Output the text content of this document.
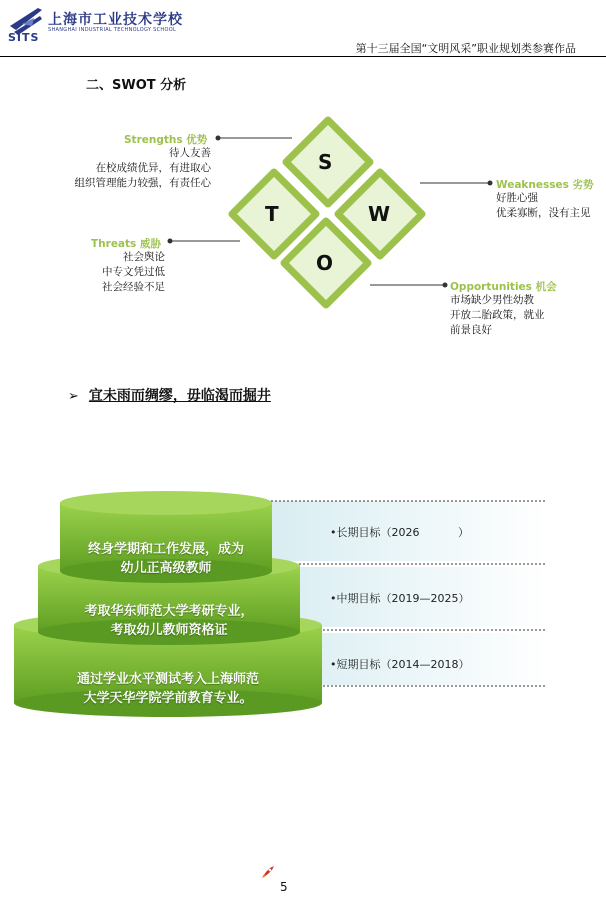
上海市工业技术学校
SHANGHAI INDUSTRIAL TECHNOLOGY SCHOOL
SITS
第十三届全国“文明风采”职业规划类参赛作品
二、SWOT 分析
S
T	W
O
Strengths 优势
待人友善
在校成绩优异，有进取心
组织管理能力较强，有责任心	Weaknesses 劣势
好胜心强
优柔寡断，没有主见
Threats 威胁
社会舆论
中专文凭过低
社会经验不足	Opportunities 机会
市场缺少男性幼教
开放二胎政策，就业
前景良好
➢ 宜未雨而绸缪，毋临渴而掘井
终身学期和工作发展，成为
幼儿正高级教师
考取华东师范大学考研专业，
考取幼儿教师资格证
通过学业水平测试考入上海师范
大学天华学院学前教育专业。
•长期目标（2026           ）
•中期目标（2019—2025）
•短期目标（2014—2018）
5
